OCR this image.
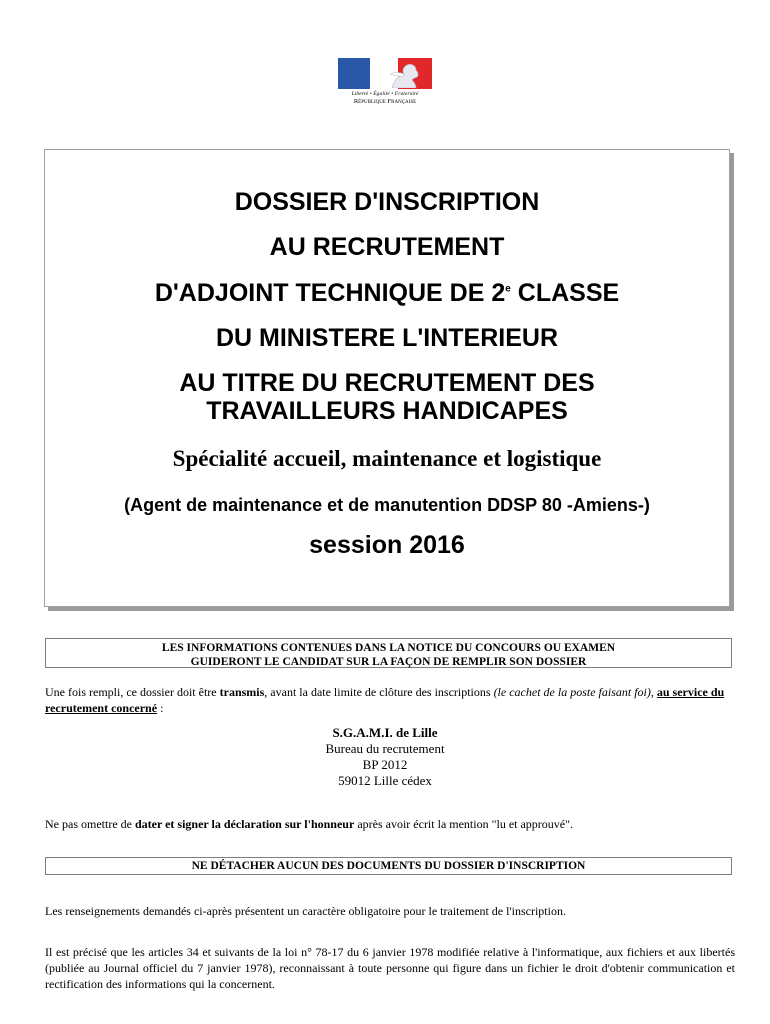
Liberté • Égalité • Fraternité
République Française
DOSSIER D'INSCRIPTION
AU RECRUTEMENT
D'ADJOINT TECHNIQUE DE 2e CLASSE
DU MINISTERE L'INTERIEUR
AU TITRE DU RECRUTEMENT DES
TRAVAILLEURS HANDICAPES
Spécialité accueil, maintenance et logistique
(Agent de maintenance et de manutention DDSP 80 -Amiens-)
session 2016
LES INFORMATIONS CONTENUES DANS LA NOTICE DU CONCOURS OU EXAMEN
GUIDERONT LE CANDIDAT SUR LA FAÇON DE REMPLIR SON DOSSIER
Une fois rempli, ce dossier doit être transmis, avant la date limite de clôture des inscriptions (le cachet de la poste faisant foi), au service du recrutement concerné :
S.G.A.M.I. de Lille
Bureau du recrutement
BP 2012
59012 Lille cédex
Ne pas omettre de dater et signer la déclaration sur l'honneur après avoir écrit la mention "lu et approuvé".
NE DÉTACHER AUCUN DES DOCUMENTS DU DOSSIER D'INSCRIPTION
Les renseignements demandés ci-après présentent un caractère obligatoire pour le traitement de l'inscription.
Il est précisé que les articles 34 et suivants de la loi n° 78-17 du 6 janvier 1978 modifiée relative à l'informatique, aux fichiers et aux libertés (publiée au Journal officiel du 7 janvier 1978), reconnaissant à toute personne qui figure dans un fichier le droit d'obtenir communication et rectification des informations qui la concernent.
